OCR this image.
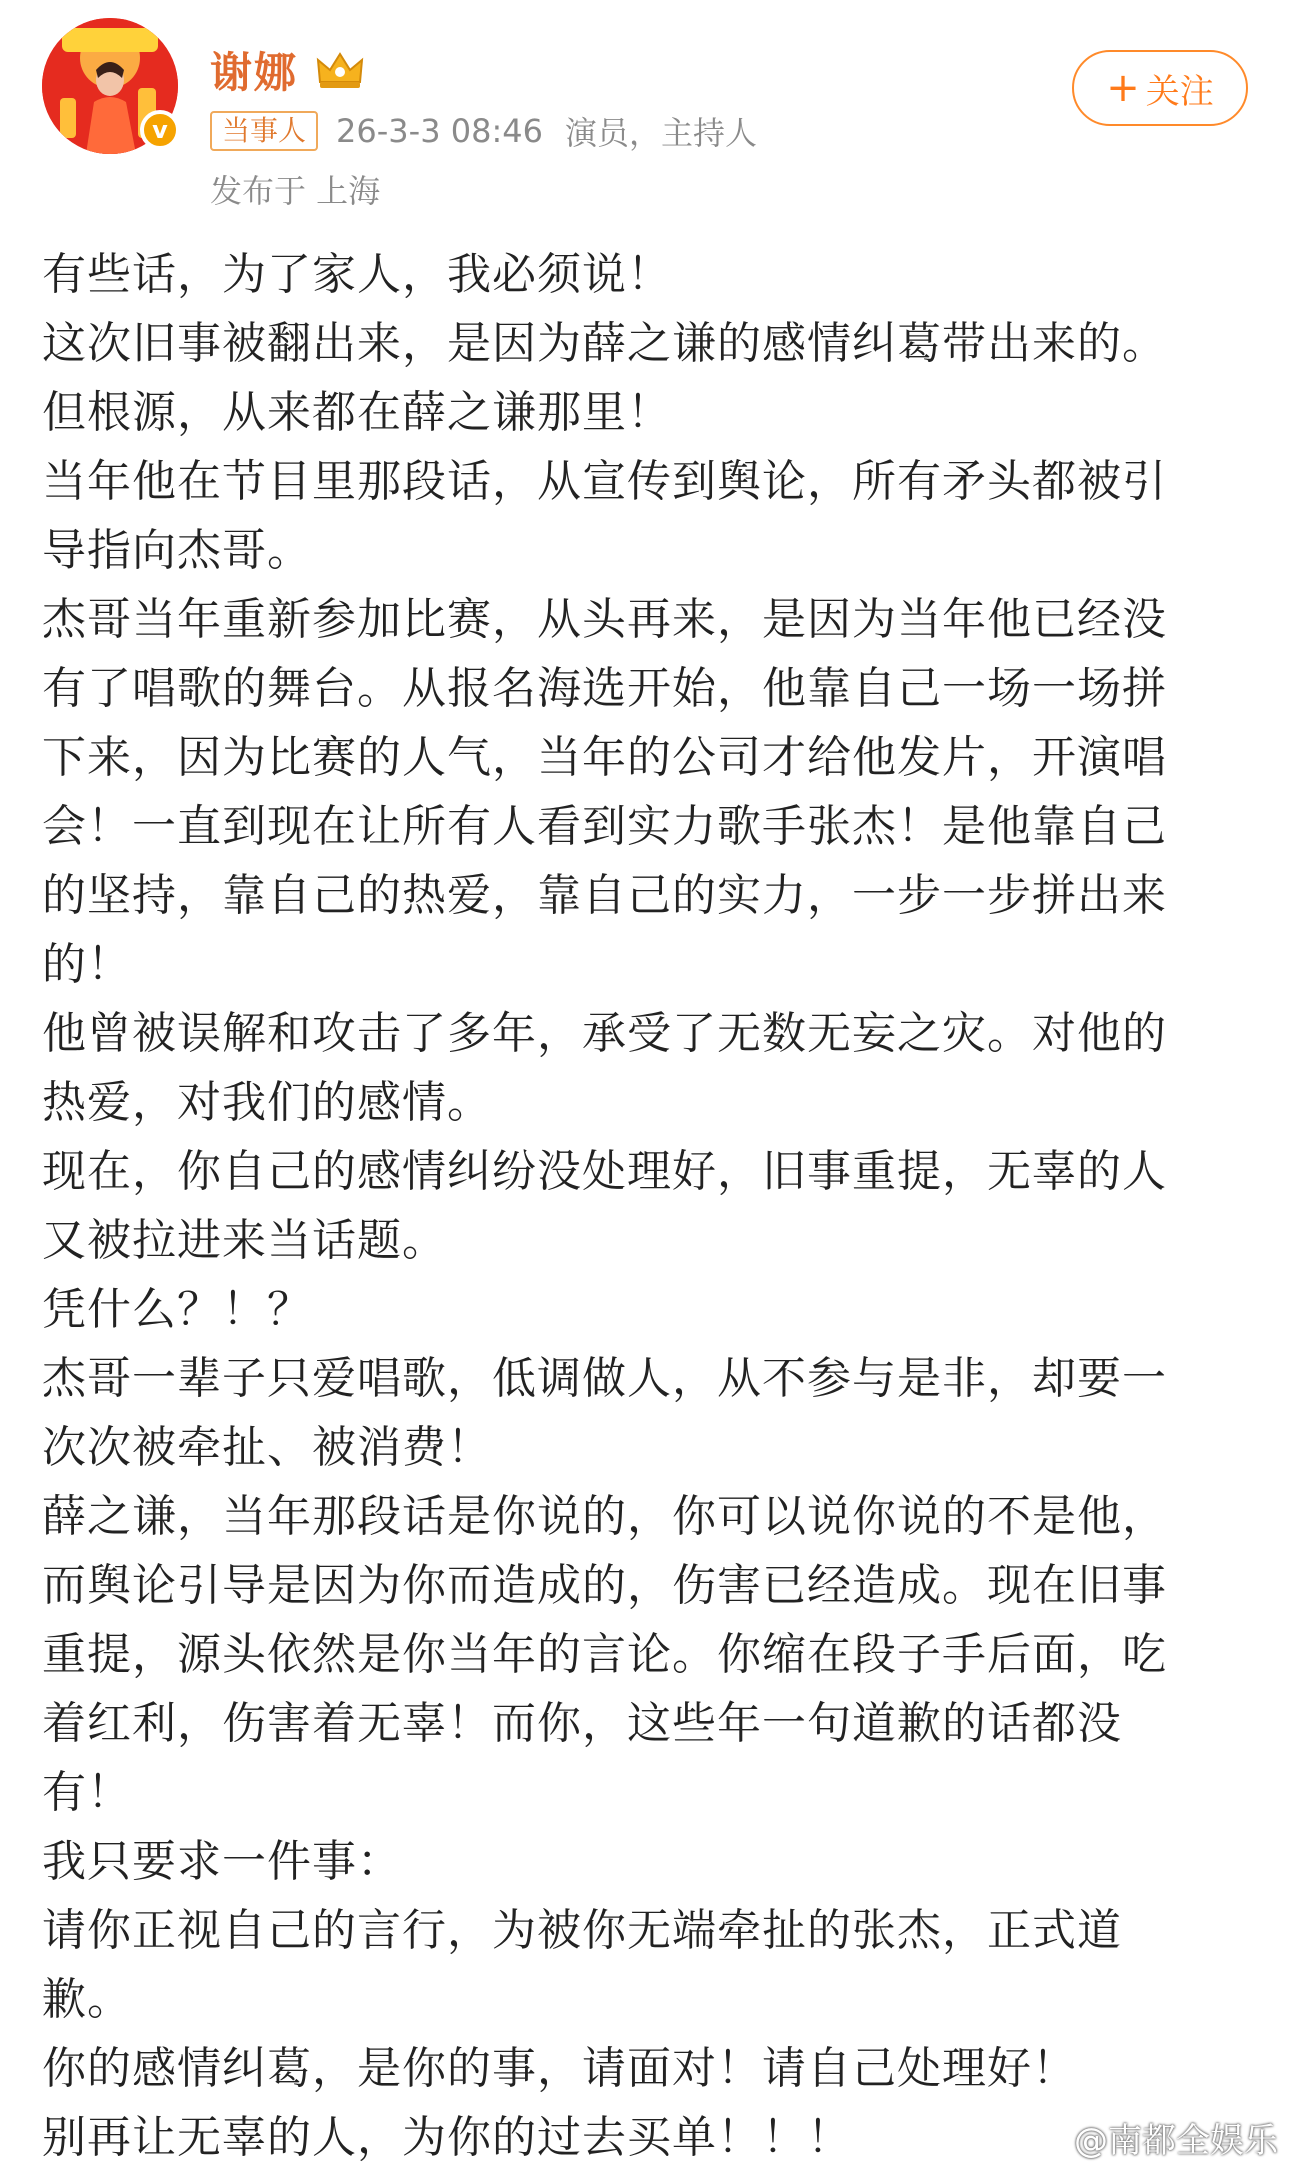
v
谢娜
当事人 26-3-3 08:46 演员，主持人
发布于 上海
+ 关注
有些话，为了家人，我必须说！
这次旧事被翻出来，是因为薛之谦的感情纠葛带出来的。
但根源，从来都在薛之谦那里！
当年他在节目里那段话，从宣传到舆论，所有矛头都被引
导指向杰哥。
杰哥当年重新参加比赛，从头再来，是因为当年他已经没
有了唱歌的舞台。从报名海选开始，他靠自己一场一场拼
下来，因为比赛的人气，当年的公司才给他发片，开演唱
会！一直到现在让所有人看到实力歌手张杰！是他靠自己
的坚持，靠自己的热爱，靠自己的实力，一步一步拼出来
的！
他曾被误解和攻击了多年，承受了无数无妄之灾。对他的
热爱，对我们的感情。
现在，你自己的感情纠纷没处理好，旧事重提，无辜的人
又被拉进来当话题。
凭什么？！？
杰哥一辈子只爱唱歌，低调做人，从不参与是非，却要一
次次被牵扯、被消费！
薛之谦，当年那段话是你说的，你可以说你说的不是他，
而舆论引导是因为你而造成的，伤害已经造成。现在旧事
重提，源头依然是你当年的言论。你缩在段子手后面，吃
着红利，伤害着无辜！而你，这些年一句道歉的话都没
有！
我只要求一件事：
请你正视自己的言行，为被你无端牵扯的张杰，正式道
歉。
你的感情纠葛，是你的事，请面对！请自己处理好！
别再让无辜的人，为你的过去买单！！！	@南都全娱乐
